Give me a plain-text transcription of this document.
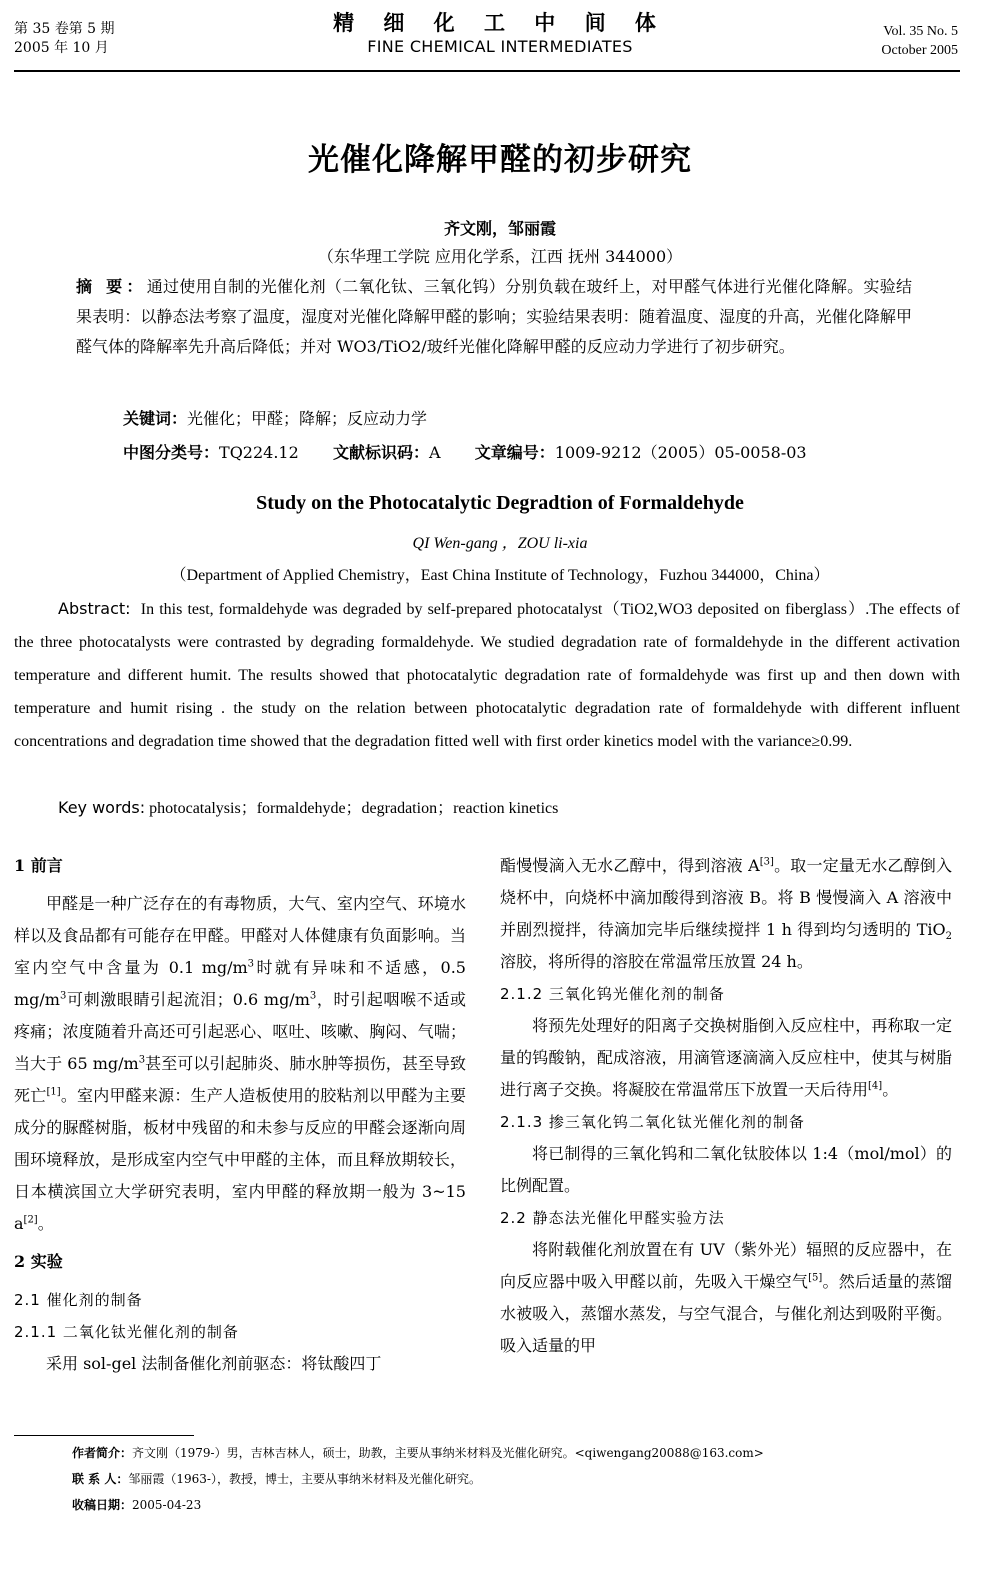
第 35 卷第 5 期
2005 年 10 月
精 细 化 工 中 间 体
FINE CHEMICAL INTERMEDIATES
Vol. 35 No. 5
October 2005
光催化降解甲醛的初步研究
齐文刚，邹丽霞
（东华理工学院 应用化学系，江西 抚州 344000）
摘 要：通过使用自制的光催化剂（二氧化钛、三氧化钨）分别负载在玻纤上，对甲醛气体进行光催化降解。实验结果表明：以静态法考察了温度，湿度对光催化降解甲醛的影响；实验结果表明：随着温度、湿度的升高，光催化降解甲醛气体的降解率先升高后降低；并对 WO3/TiO2/玻纤光催化降解甲醛的反应动力学进行了初步研究。
关键词：光催化；甲醛；降解；反应动力学
中图分类号：TQ224.12 文献标识码：A 文章编号：1009-9212（2005）05-0058-03
Study on the Photocatalytic Degradtion of Formaldehyde
QI Wen-gang ，ZOU li-xia
（Department of Applied Chemistry，East China Institute of Technology，Fuzhou 344000，China）
Abstract: In this test, formaldehyde was degraded by self-prepared photocatalyst（TiO2,WO3 deposited on fiberglass）.The effects of the three photocatalysts were contrasted by degrading formaldehyde. We studied degradation rate of formaldehyde in the different activation temperature and different humit. The results showed that photocatalytic degradation rate of formaldehyde was first up and then down with temperature and humit rising . the study on the relation between photocatalytic degradation rate of formaldehyde with different influent concentrations and degradation time showed that the degradation fitted well with first order kinetics model with the variance≥0.99.
Key words: photocatalysis；formaldehyde；degradation；reaction kinetics
1 前言

甲醛是一种广泛存在的有毒物质，大气、室内空气、环境水样以及食品都有可能存在甲醛。甲醛对人体健康有负面影响。当室内空气中含量为 0.1 $mg/m^3$时就有异味和不适感，0.5 $mg/m^3$可刺激眼睛引起流泪；0.6 $mg/m^3$，时引起咽喉不适或疼痛；浓度随着升高还可引起恶心、呕吐、咳嗽、胸闷、气喘；当大于 65 $mg/m^3$甚至可以引起肺炎、肺水肿等损伤，甚至导致死亡[1]。室内甲醛来源：生产人造板使用的胶粘剂以甲醛为主要成分的脲醛树脂，板材中残留的和未参与反应的甲醛会逐渐向周围环境释放，是形成室内空气中甲醛的主体，而且释放期较长，日本横滨国立大学研究表明，室内甲醛的释放期一般为 3~15 a[2]。

2 实验
2.1 催化剂的制备
2.1.1 二氧化钛光催化剂的制备

采用 sol-gel 法制备催化剂前驱态：将钛酸四丁

酯慢慢滴入无水乙醇中，得到溶液 A[3]。取一定量无水乙醇倒入烧杯中，向烧杯中滴加酸得到溶液 B。将 B 慢慢滴入 A 溶液中并剧烈搅拌，待滴加完毕后继续搅拌 1 h 得到均匀透明的 TiO$_2$溶胶，将所得的溶胶在常温常压放置 24 h。

2.1.2 三氧化钨光催化剂的制备

将预先处理好的阳离子交换树脂倒入反应柱中，再称取一定量的钨酸钠，配成溶液，用滴管逐滴滴入反应柱中，使其与树脂进行离子交换。将凝胶在常温常压下放置一天后待用[4]。

2.1.3 掺三氧化钨二氧化钛光催化剂的制备

将已制得的三氧化钨和二氧化钛胶体以 1:4（mol/mol）的比例配置。

2.2 静态法光催化甲醛实验方法

将附载催化剂放置在有 UV（紫外光）辐照的反应器中，在向反应器中吸入甲醛以前，先吸入干燥空气[5]。然后适量的蒸馏水被吸入，蒸馏水蒸发，与空气混合，与催化剂达到吸附平衡。吸入适量的甲

作者简介：齐文刚（1979-）男，吉林吉林人，硕士，助教，主要从事纳米材料及光催化研究。<qiwengang20088@163.com>
联 系 人：邹丽霞（1963-），教授，博士，主要从事纳米材料及光催化研究。
收稿日期：2005-04-23
